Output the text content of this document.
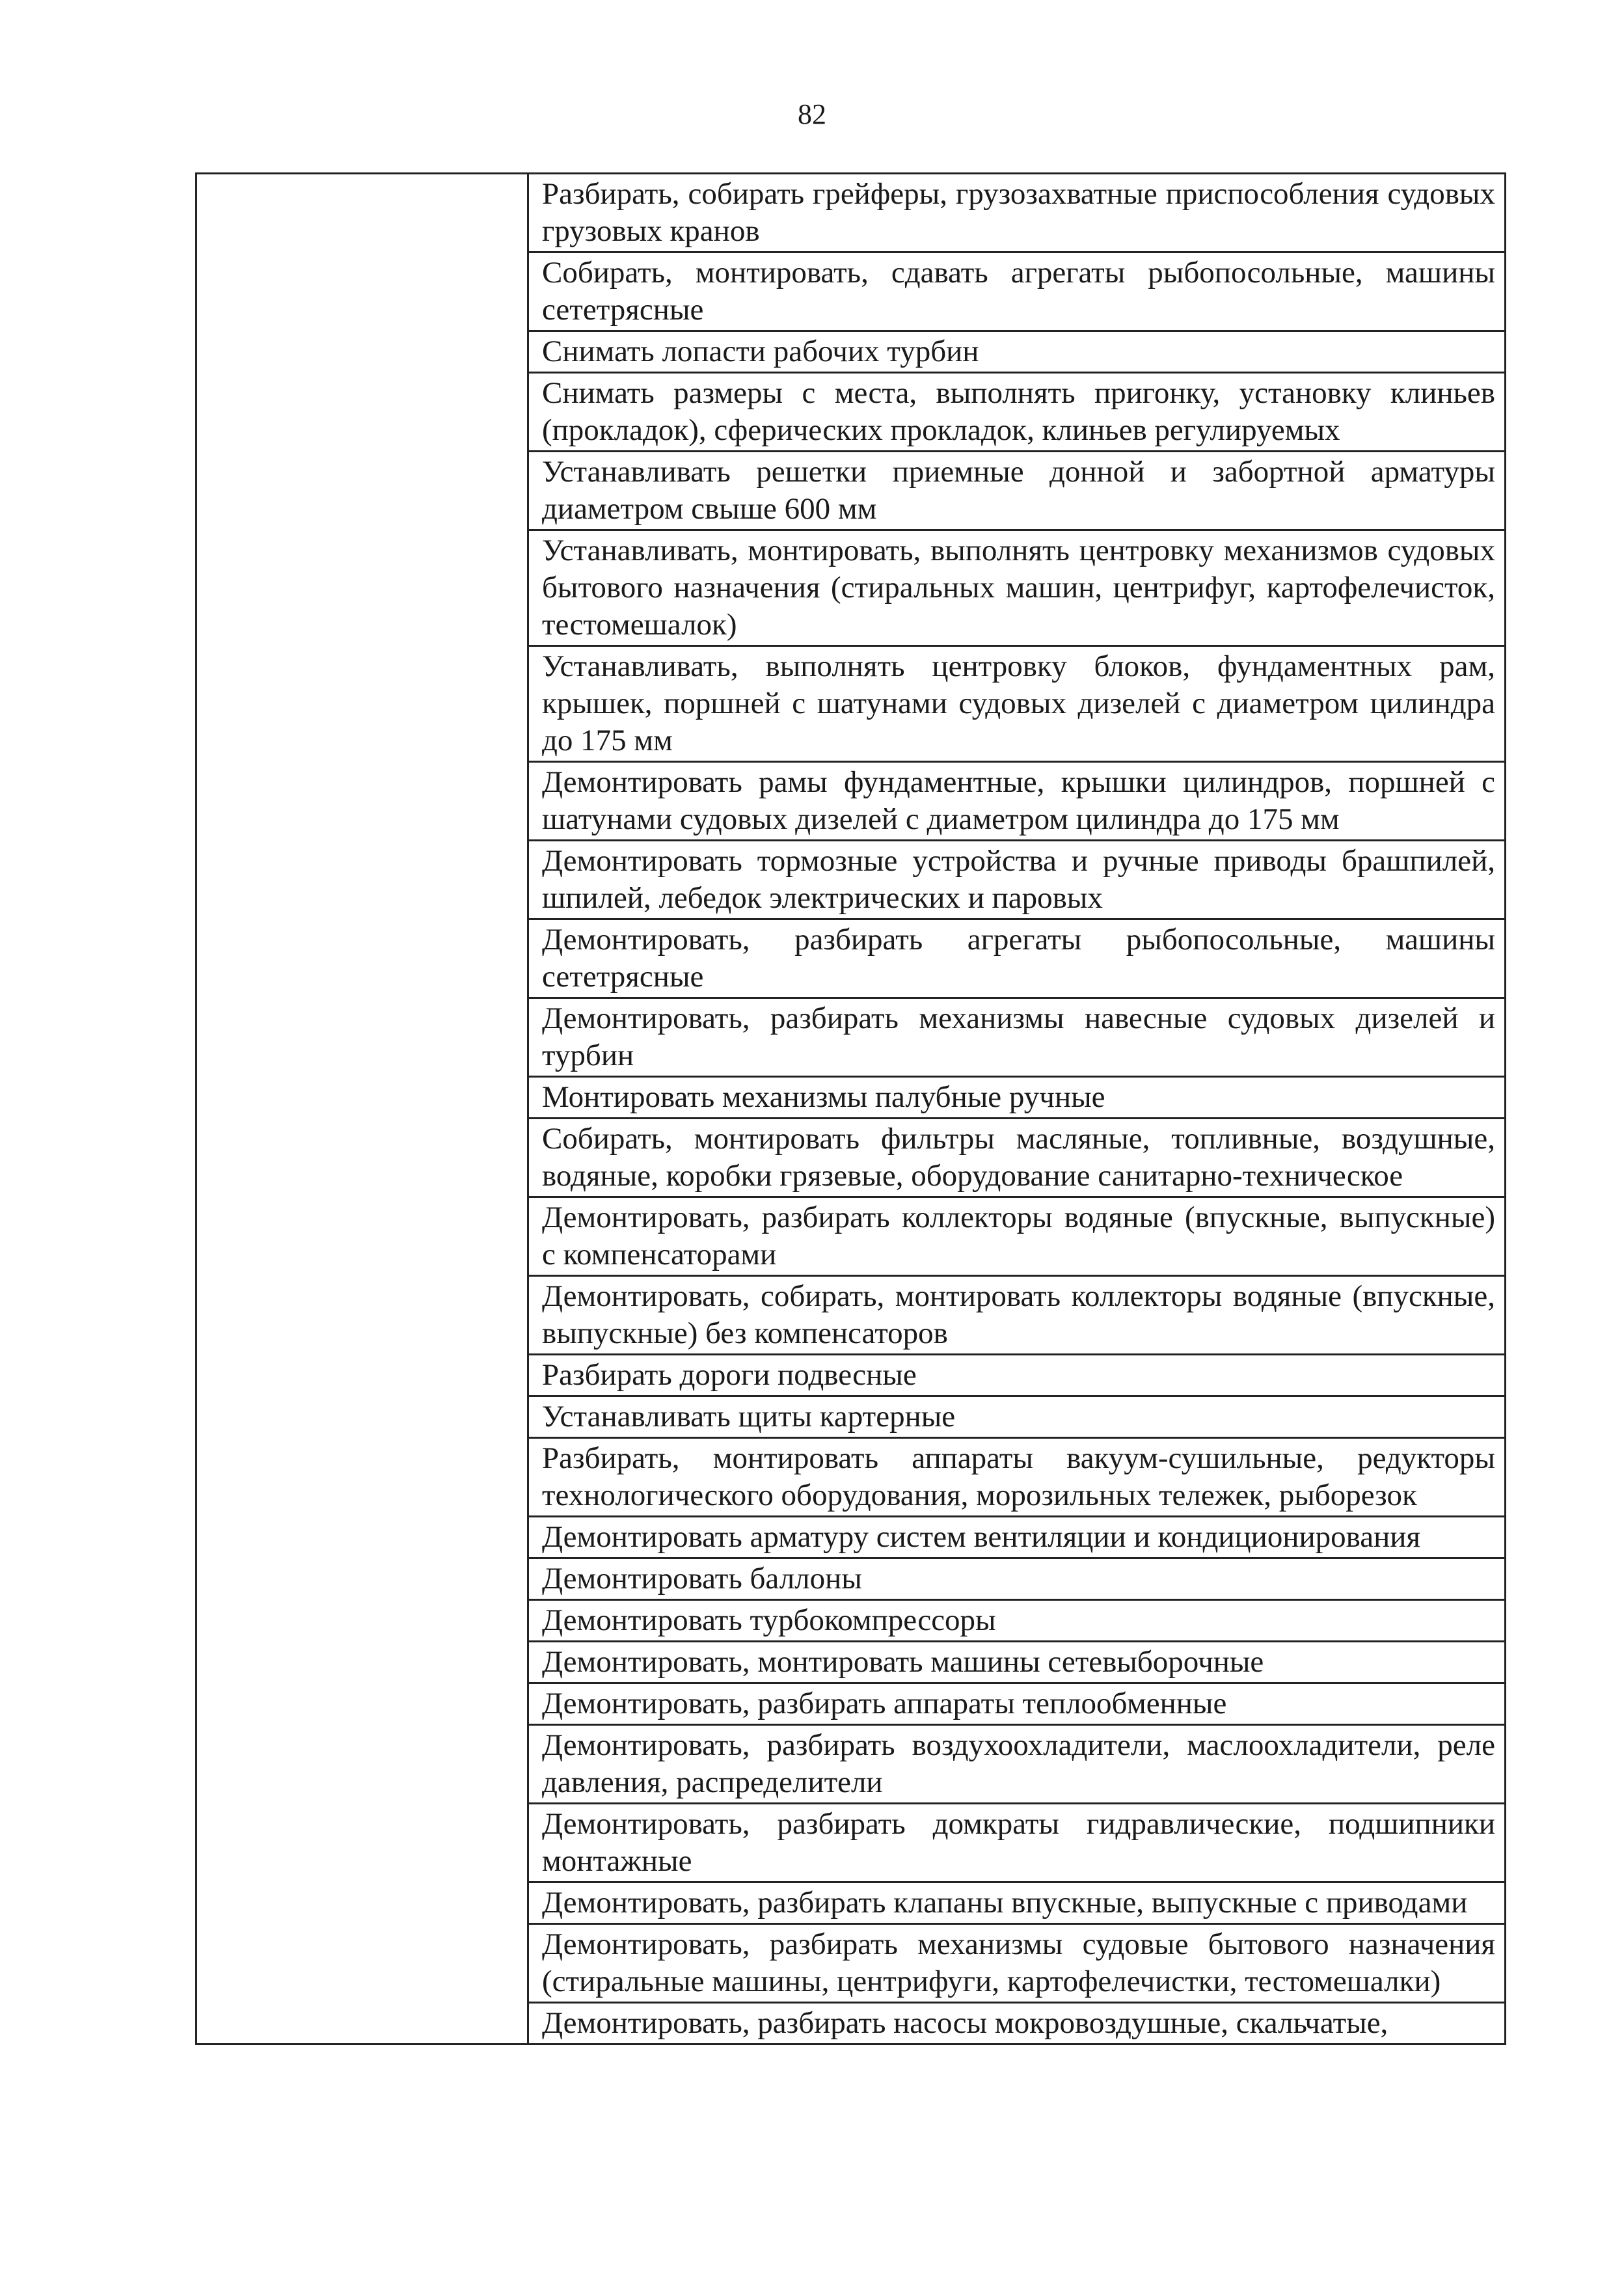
82
	Разбирать, собирать грейферы, грузозахватные приспособления судовых грузовых кранов
Собирать, монтировать, сдавать агрегаты рыбопосольные, машины сететрясные
Снимать лопасти рабочих турбин
Снимать размеры с места, выполнять пригонку, установку клиньев (прокладок), сферических прокладок, клиньев регулируемых
Устанавливать решетки приемные донной и забортной арматуры диаметром свыше 600 мм
Устанавливать, монтировать, выполнять центровку механизмов судовых бытового назначения (стиральных машин, центрифуг, картофелечисток, тестомешалок)
Устанавливать, выполнять центровку блоков, фундаментных рам, крышек, поршней с шатунами судовых дизелей с диаметром цилиндра до 175 мм
Демонтировать рамы фундаментные, крышки цилиндров, поршней с шатунами судовых дизелей с диаметром цилиндра до 175 мм
Демонтировать тормозные устройства и ручные приводы брашпилей, шпилей, лебедок электрических и паровых
Демонтировать, разбирать агрегаты рыбопосольные, машины сететрясные
Демонтировать, разбирать механизмы навесные судовых дизелей и турбин
Монтировать механизмы палубные ручные
Собирать, монтировать фильтры масляные, топливные, воздушные, водяные, коробки грязевые, оборудование санитарно-техническое
Демонтировать, разбирать коллекторы водяные (впускные, выпускные) с компенсаторами
Демонтировать, собирать, монтировать коллекторы водяные (впускные, выпускные) без компенсаторов
Разбирать дороги подвесные
Устанавливать щиты картерные
Разбирать, монтировать аппараты вакуум-сушильные, редукторы технологического оборудования, морозильных тележек, рыборезок
Демонтировать арматуру систем вентиляции и кондиционирования
Демонтировать баллоны
Демонтировать турбокомпрессоры
Демонтировать, монтировать машины сетевыборочные
Демонтировать, разбирать аппараты теплообменные
Демонтировать, разбирать воздухоохладители, маслоохладители, реле давления, распределители
Демонтировать, разбирать домкраты гидравлические, подшипники монтажные
Демонтировать, разбирать клапаны впускные, выпускные с приводами
Демонтировать, разбирать механизмы судовые бытового назначения (стиральные машины, центрифуги, картофелечистки, тестомешалки)
Демонтировать, разбирать насосы мокровоздушные, скальчатые,
